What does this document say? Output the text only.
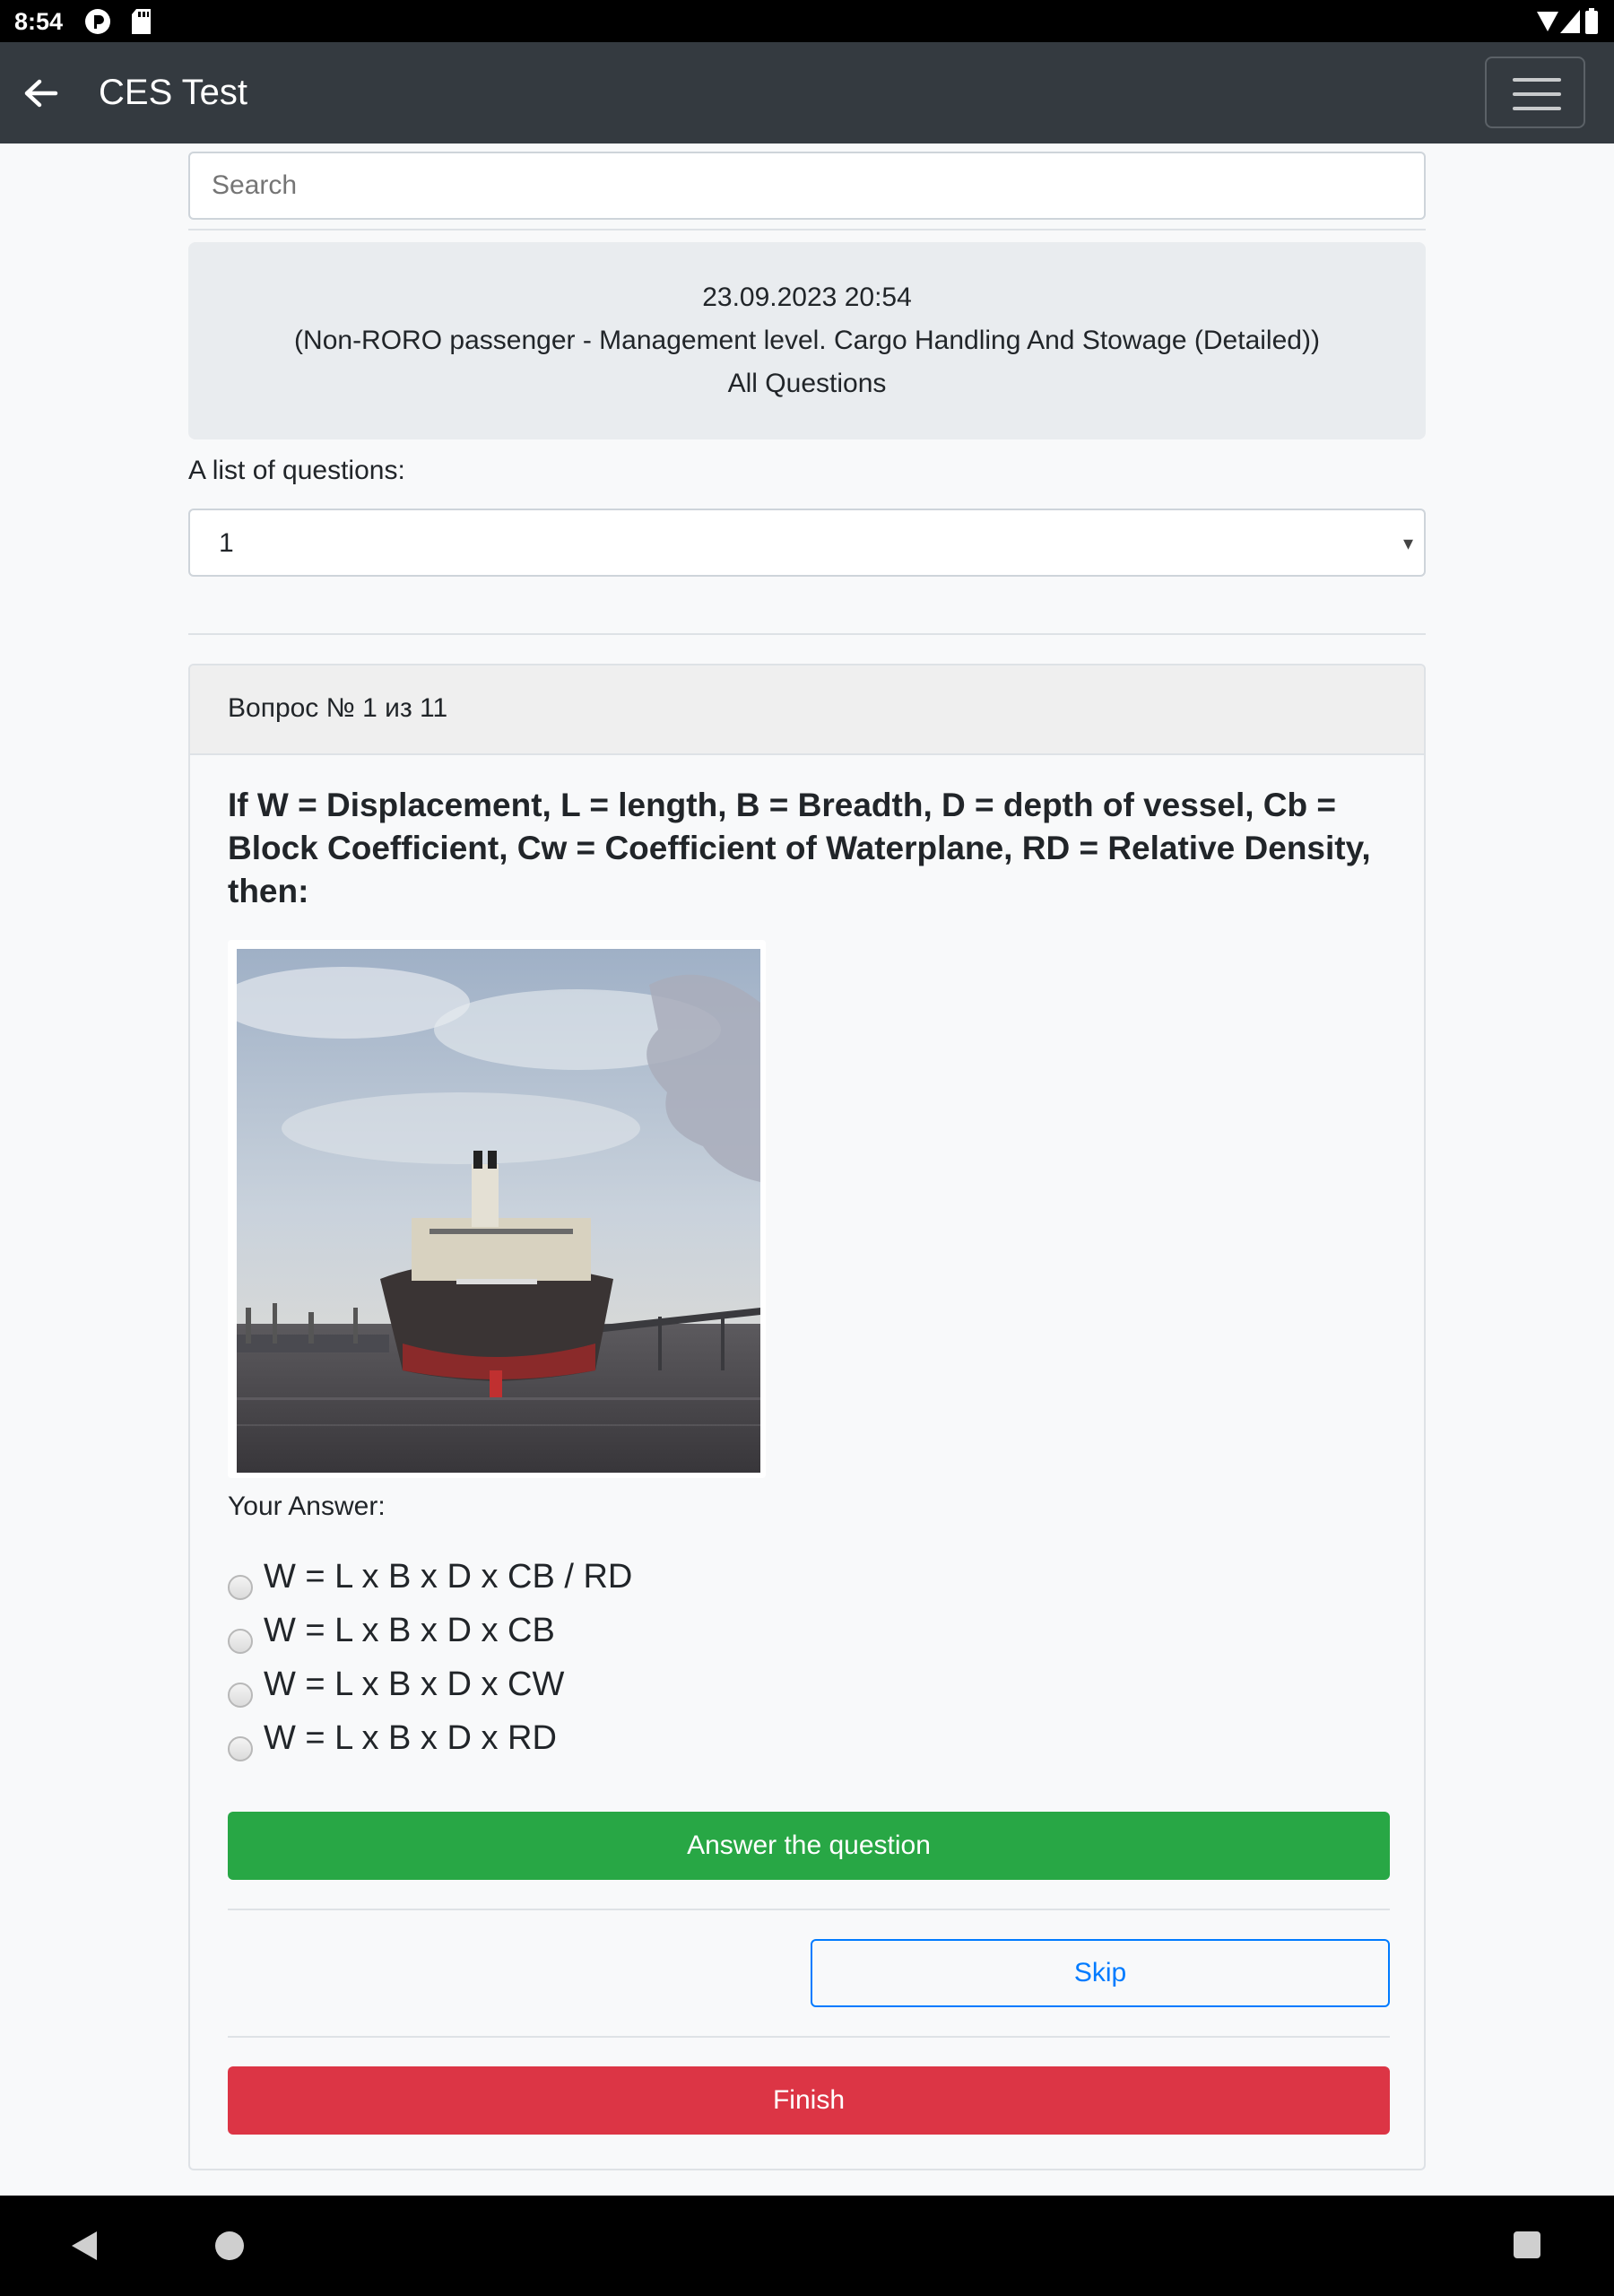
8:54
CES Test
Search
23.09.2023 20:54
(Non-RORO passenger - Management level. Cargo Handling And Stowage (Detailed))
All Questions
A list of questions:
1	▾
Вопрос № 1 из 11
If W = Displacement, L = length, B = Breadth, D = depth of vessel, Cb = Block Coefficient, Cw = Coefficient of Waterplane, RD = Relative Density, then:
Your Answer:
W = L x B x D x CB / RD
W = L x B x D x CB
W = L x B x D x CW
W = L x B x D x RD
Answer the question
Skip
Finish
